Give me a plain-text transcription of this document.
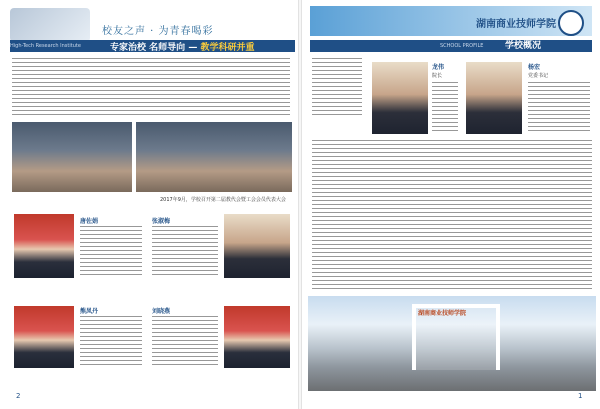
校友之声 · 为青春喝彩
High-Tech Research Institute	专家治校 名师导向 — 教学科研并重
2017年9月，学校召开第二届教代会暨工会会员代表大会
唐佐娟	张淑梅
熊凤丹	刘晓燕
2
湖南商业技师学院
SCHOOL PROFILE 学校概况
龙伟
院长
杨宏
党委书记
湖南商业技师学院
1
